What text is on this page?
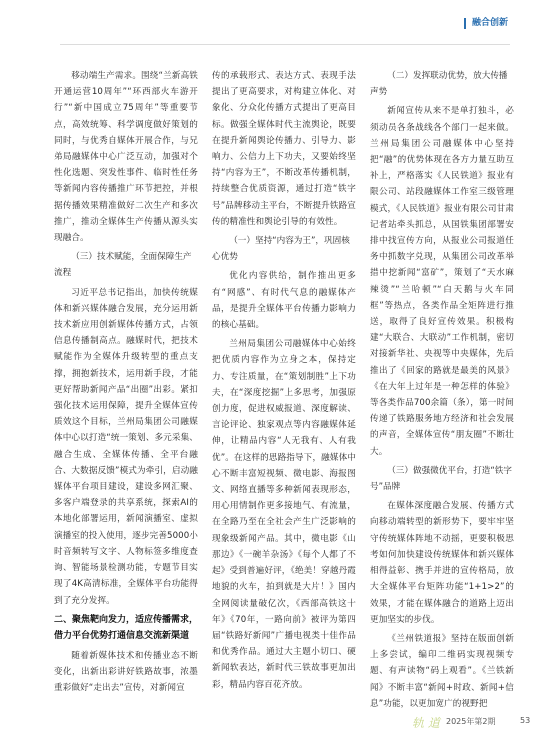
融合创新

移动端生产需求。围绕“兰新高铁开通运营10周年”“环西部火车游开行”“新中国成立75周年”等重要节点，高效统筹、科学调度做好策划的同时，与优秀自媒体开展合作，与兄弟局融媒体中心广泛互动，加强对个性化选题、突发性事件、临时性任务等新闻内容传播推广环节把控，并根据传播效果精准做好二次生产和多次推广，推动全媒体生产传播从源头实现融合。

（三）技术赋能，全面保障生产流程

习近平总书记指出，加快传统媒体和新兴媒体融合发展，充分运用新技术新应用创新媒体传播方式，占领信息传播制高点。融媒时代，把技术赋能作为全媒体升级转型的重点支撑，拥抱新技术，运用新手段，才能更好帮助新闻产品“出圈”出彩。紧扣强化技术运用保障，提升全媒体宣传质效这个目标，兰州局集团公司融媒体中心以打造“统一策划、多元采集、融合生成、全媒体传播、全平台融合、大数据反馈”模式为牵引，启动融媒体平台项目建设，建设多网汇聚、多客户端登录的共享系统，探索AI的本地化部署运用，新闻演播室、虚拟演播室的投入使用，逐步完善5000小时音频转写文字、人物标签多维度查询、智能场景检测功能，专题节目实现了4K高清标准，全媒体平台功能得到了充分发挥。

二、聚焦靶向发力，适应传播需求，借力平台优势打通信息交流新渠道

随着新媒体技术和传播业态不断变化，出新出彩讲好铁路故事，浓墨重彩做好“走出去”宣传，对新闻宣

传的承载形式、表达方式、表现手法提出了更高要求，对构建立体化、对象化、分众化传播方式提出了更高目标。做强全媒体时代主流舆论，既要在提升新闻舆论传播力、引导力、影响力、公信力上下功夫，又要始终坚持“内容为王”，不断改革传播机制，持续整合优质资源，通过打造“铁字号”品牌移动主平台，不断提升铁路宣传的精准性和舆论引导的有效性。

（一）坚持“内容为王”，巩固核心优势

优化内容供给，制作推出更多有“网感”、有时代气息的融媒体产品，是提升全媒体平台传播力影响力的核心基础。

兰州局集团公司融媒体中心始终把优质内容作为立身之本，保持定力、专注质量，在“策划制胜”上下功夫，在“深度挖掘”上多思考，加强原创力度，促进权威报道、深度解读、言论评论、独家观点等内容融媒体延伸，让精品内容“人无我有、人有我优”。在这样的思路指导下，融媒体中心不断丰富短视频、微电影、海报图文、网络直播等多种新闻表现形态，用心用情制作更多接地气、有流量，在全路乃至在全社会产生广泛影响的现象级新闻产品。其中，微电影《山那边》《一碗羊杂汤》《每个人都了不起》受到普遍好评，《绝美！穿越丹霞地貌的火车，拍到就是大片！》国内全网阅读量破亿次，《西部高铁这十年》《70年，一路向前》被评为第四届“铁路好新闻”广播电视类十佳作品和优秀作品。通过大主题小切口、硬新闻软表达，新时代三铁故事更加出彩，精品内容百花齐放。

（二）发挥联动优势，放大传播声势

新闻宣传从来不是单打独斗，必须动员各条战线各个部门一起来做。兰州局集团公司融媒体中心坚持把“融”的优势体现在各方力量互助互补上，严格落实《人民铁道》报业有限公司、站段融媒体工作室三级管理模式，《人民铁道》报业有限公司甘肃记者站牵头抓总，从国铁集团部署安排中找宣传方向，从报业公司报道任务中抓数字兑现，从集团公司改革举措中挖新闻“富矿”，策划了“天水麻辣烫”“兰哈顿”“白天鹅与火车同框”等热点，各类作品全矩阵进行推送，取得了良好宣传效果。积极构建“大联合、大联动”工作机制，密切对接新华社、央视等中央媒体，先后推出了《回家的路就是最美的风景》《在大年上过年是一种怎样的体验》等各类作品700余篇（条），第一时间传递了铁路服务地方经济和社会发展的声音，全媒体宣传“朋友圈”不断壮大。

（三）做强微优平台，打造“铁字号”品牌

在媒体深度融合发展、传播方式向移动端转型的新形势下，要牢牢坚守传统媒体阵地不动摇，更要积极思考如何加快建设传统媒体和新兴媒体相得益彰、携手并进的宣传格局，放大全媒体平台矩阵功能“1+1>2”的效果，才能在媒体融合的道路上迈出更加坚实的步伐。

《兰州铁道报》坚持在版面创新上多尝试，编印二维码实现视频专题、有声读物“码上观看”。《兰铁新闻》不断丰富“新闻+时政、新闻+信息”功能，以更加宽广的视野把

轨 道 2025年第2期	53
